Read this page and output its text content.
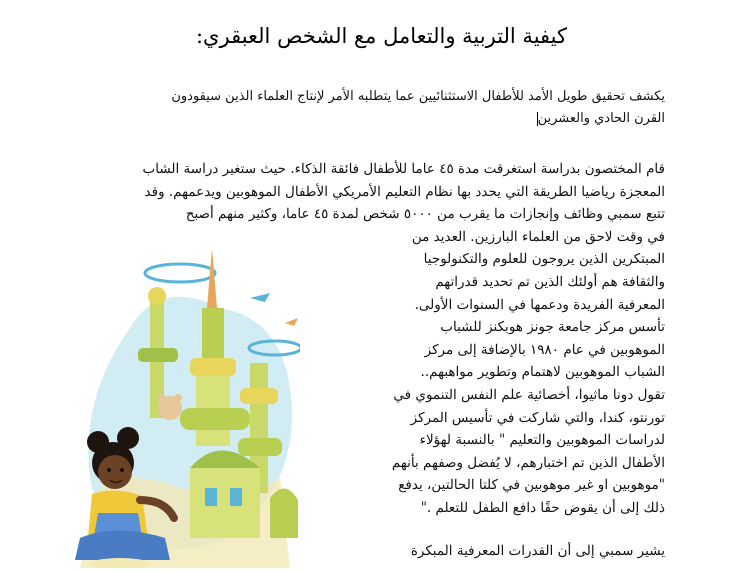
كيفية التربية والتعامل مع الشخص العبقري:
يكشف تحقيق طويل الأمد للأطفال الاستثنائيين عما يتطلبه الأمر لإنتاج العلماء الذين سيقودون
القرن الحادي والعشرين
قام المختصون بدراسة استغرقت مدة ٤٥ عاما للأطفال فائقة الذكاء. حيث ستغير دراسة الشاب
المعجزة رياضيا الطريقة التي يحدد بها نظام التعليم الأمريكي الأطفال الموهوبين ويدعمهم. وقد
تتبع سمبي وظائف وإنجازات ما يقرب من ٥٠٠٠ شخص لمدة ٤٥ عاما، وكثير منهم أصبح
في وقت لاحق من العلماء البارزين. العديد من
المبتكرين الذين يروجون للعلوم والتكنولوجيا
والثقافة هم أولئك الذين تم تحديد قدراتهم
المعرفية الفريدة ودعمها في السنوات الأولى.
تأسس مركز جامعة جونز هوبكنز للشباب
الموهوبين في عام ١٩٨٠ بالإضافة إلى مركز
الشباب الموهوبين لاهتمام وتطوير مواهبهم..
تقول دونا ماثيوا، أخصائية علم النفس التنموي في
تورنتو، كندا، والتي شاركت في تأسيس المركز
لدراسات الموهوبين والتعليم " بالنسبة لهؤلاء
الأطفال الذين تم اختبارهم، لا يُفضل وصفهم بأنهم
"موهوبين او غير موهوبين في كلتا الحالتين، يدفع
ذلك إلى أن يقوض حقًا دافع الطفل للتعلم ."
يشير سمبي إلى أن القدرات المعرفية المبكرة
